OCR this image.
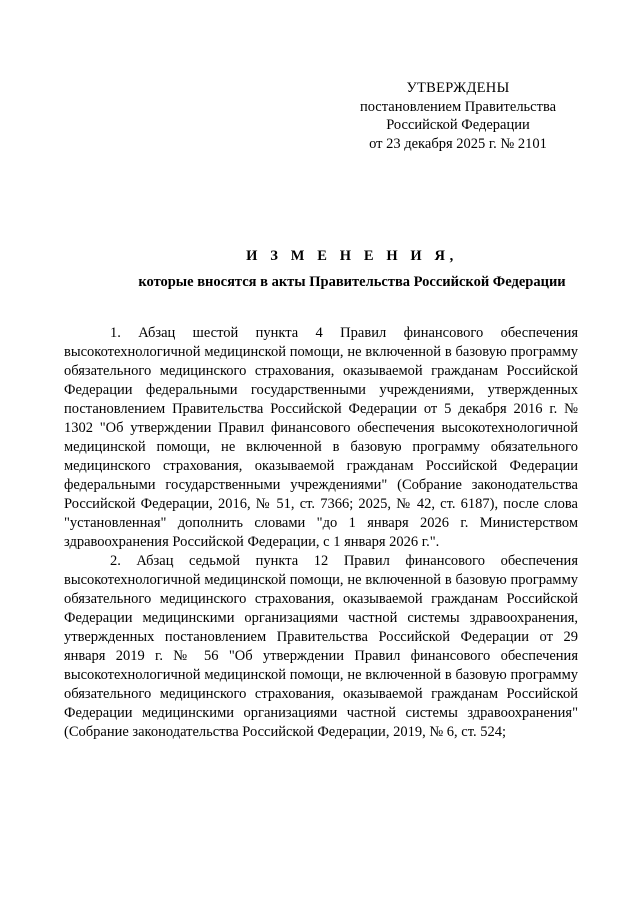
УТВЕРЖДЕНЫ
постановлением Правительства
Российской Федерации
от 23 декабря 2025 г. № 2101
И З М Е Н Е Н И Я,
которые вносятся в акты Правительства Российской Федерации

1. Абзац шестой пункта 4 Правил финансового обеспечения высокотехнологичной медицинской помощи, не включенной в базовую программу обязательного медицинского страхования, оказываемой гражданам Российской Федерации федеральными государственными учреждениями, утвержденных постановлением Правительства Российской Федерации от 5 декабря 2016 г. № 1302 "Об утверждении Правил финансового обеспечения высокотехнологичной медицинской помощи, не включенной в базовую программу обязательного медицинского страхования, оказываемой гражданам Российской Федерации федеральными государственными учреждениями" (Собрание законодательства Российской Федерации, 2016, № 51, ст. 7366; 2025, № 42, ст. 6187), после слова "установленная" дополнить словами "до 1 января 2026 г. Министерством здравоохранения Российской Федерации, с 1 января 2026 г.".

2. Абзац седьмой пункта 12 Правил финансового обеспечения высокотехнологичной медицинской помощи, не включенной в базовую программу обязательного медицинского страхования, оказываемой гражданам Российской Федерации медицинскими организациями частной системы здравоохранения, утвержденных постановлением Правительства Российской Федерации от 29 января 2019 г. № 56 "Об утверждении Правил финансового обеспечения высокотехнологичной медицинской помощи, не включенной в базовую программу обязательного медицинского страхования, оказываемой гражданам Российской Федерации медицинскими организациями частной системы здравоохранения" (Собрание законодательства Российской Федерации, 2019, № 6, ст. 524;
